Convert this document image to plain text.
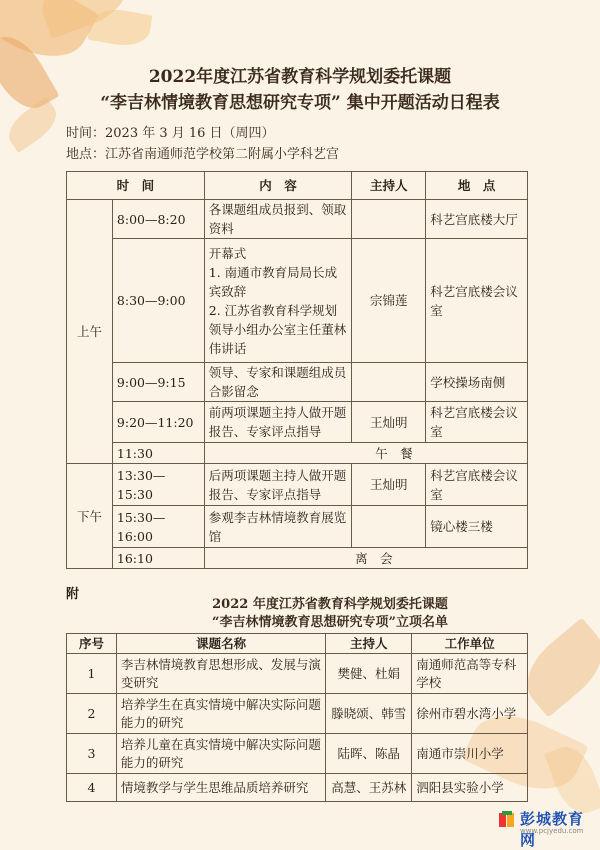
2022年度江苏省教育科学规划委托课题
“李吉林情境教育思想研究专项” 集中开题活动日程表
时间：2023 年 3 月 16 日（周四）
地点：江苏省南通师范学校第二附属小学科艺宫
时　间		内　容	主持人	地　点
上午	8:00—8:20	各课题组成员报到、领取资料		科艺宫底楼大厅
	8:30—9:00	开幕式
1. 南通市教育局局长成宾致辞
2. 江苏省教育科学规划领导小组办公室主任董林伟讲话	宗锦莲	科艺宫底楼会议室
	9:00—9:15	领导、专家和课题组成员合影留念		学校操场南侧
	9:20—11:20	前两项课题主持人做开题报告、专家评点指导	王灿明	科艺宫底楼会议室
	11:30	午　餐		
下午	13:30—15:30	后两项课题主持人做开题报告、专家评点指导	王灿明	科艺宫底楼会议室
	15:30—16:00	参观李吉林情境教育展览馆		镜心楼三楼
	16:10	离　会		
附
2022 年度江苏省教育科学规划委托课题
“李吉林情境教育思想研究专项”立项名单
序号	课题名称	主持人	工作单位
1	李吉林情境教育思想形成、发展与演变研究	樊健、杜娟	南通师范高等专科学校
2	培养学生在真实情境中解决实际问题能力的研究	滕晓颂、韩雪	徐州市碧水湾小学
3	培养儿童在真实情境中解决实际问题能力的研究	陆晖、陈晶	南通市崇川小学
4	情境教学与学生思维品质培养研究	高慧、王苏林	泗阳县实验小学
彭城教育网
www.pcjyedu.com
